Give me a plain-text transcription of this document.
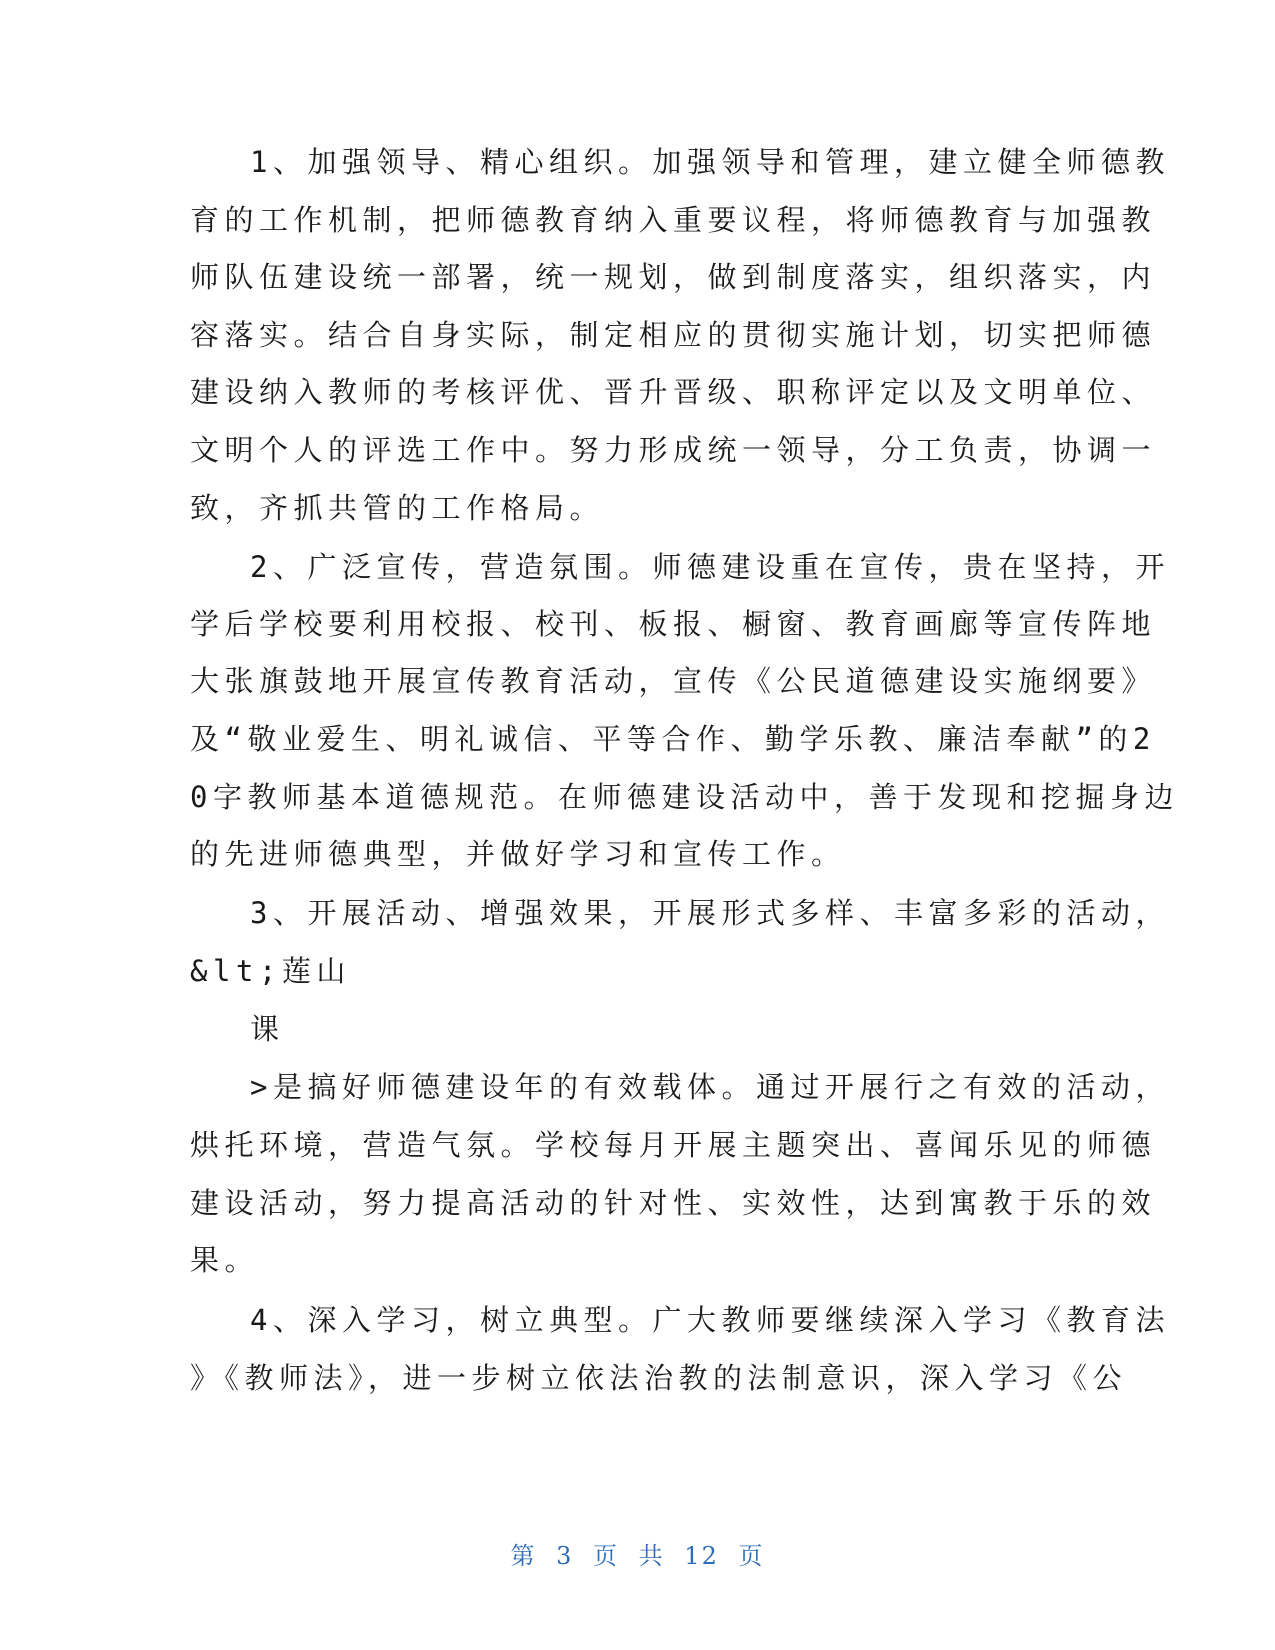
1、加强领导、精心组织。加强领导和管理，建立健全师德教
育的工作机制，把师德教育纳入重要议程，将师德教育与加强教
师队伍建设统一部署，统一规划，做到制度落实，组织落实，内
容落实。结合自身实际，制定相应的贯彻实施计划，切实把师德
建设纳入教师的考核评优、晋升晋级、职称评定以及文明单位、
文明个人的评选工作中。努力形成统一领导，分工负责，协调一
致，齐抓共管的工作格局。
2、广泛宣传，营造氛围。师德建设重在宣传，贵在坚持，开
学后学校要利用校报、校刊、板报、橱窗、教育画廊等宣传阵地
大张旗鼓地开展宣传教育活动，宣传《公民道德建设实施纲要》
及“敬业爱生、明礼诚信、平等合作、勤学乐教、廉洁奉献”的2
0字教师基本道德规范。在师德建设活动中，善于发现和挖掘身边
的先进师德典型，并做好学习和宣传工作。
3、开展活动、增强效果，开展形式多样、丰富多彩的活动，
&lt;莲山
课
>是搞好师德建设年的有效载体。通过开展行之有效的活动，
烘托环境，营造气氛。学校每月开展主题突出、喜闻乐见的师德
建设活动，努力提高活动的针对性、实效性，达到寓教于乐的效
果。
4、深入学习，树立典型。广大教师要继续深入学习《教育法
》《教师法》，进一步树立依法治教的法制意识，深入学习《公
第 3 页 共 12 页
